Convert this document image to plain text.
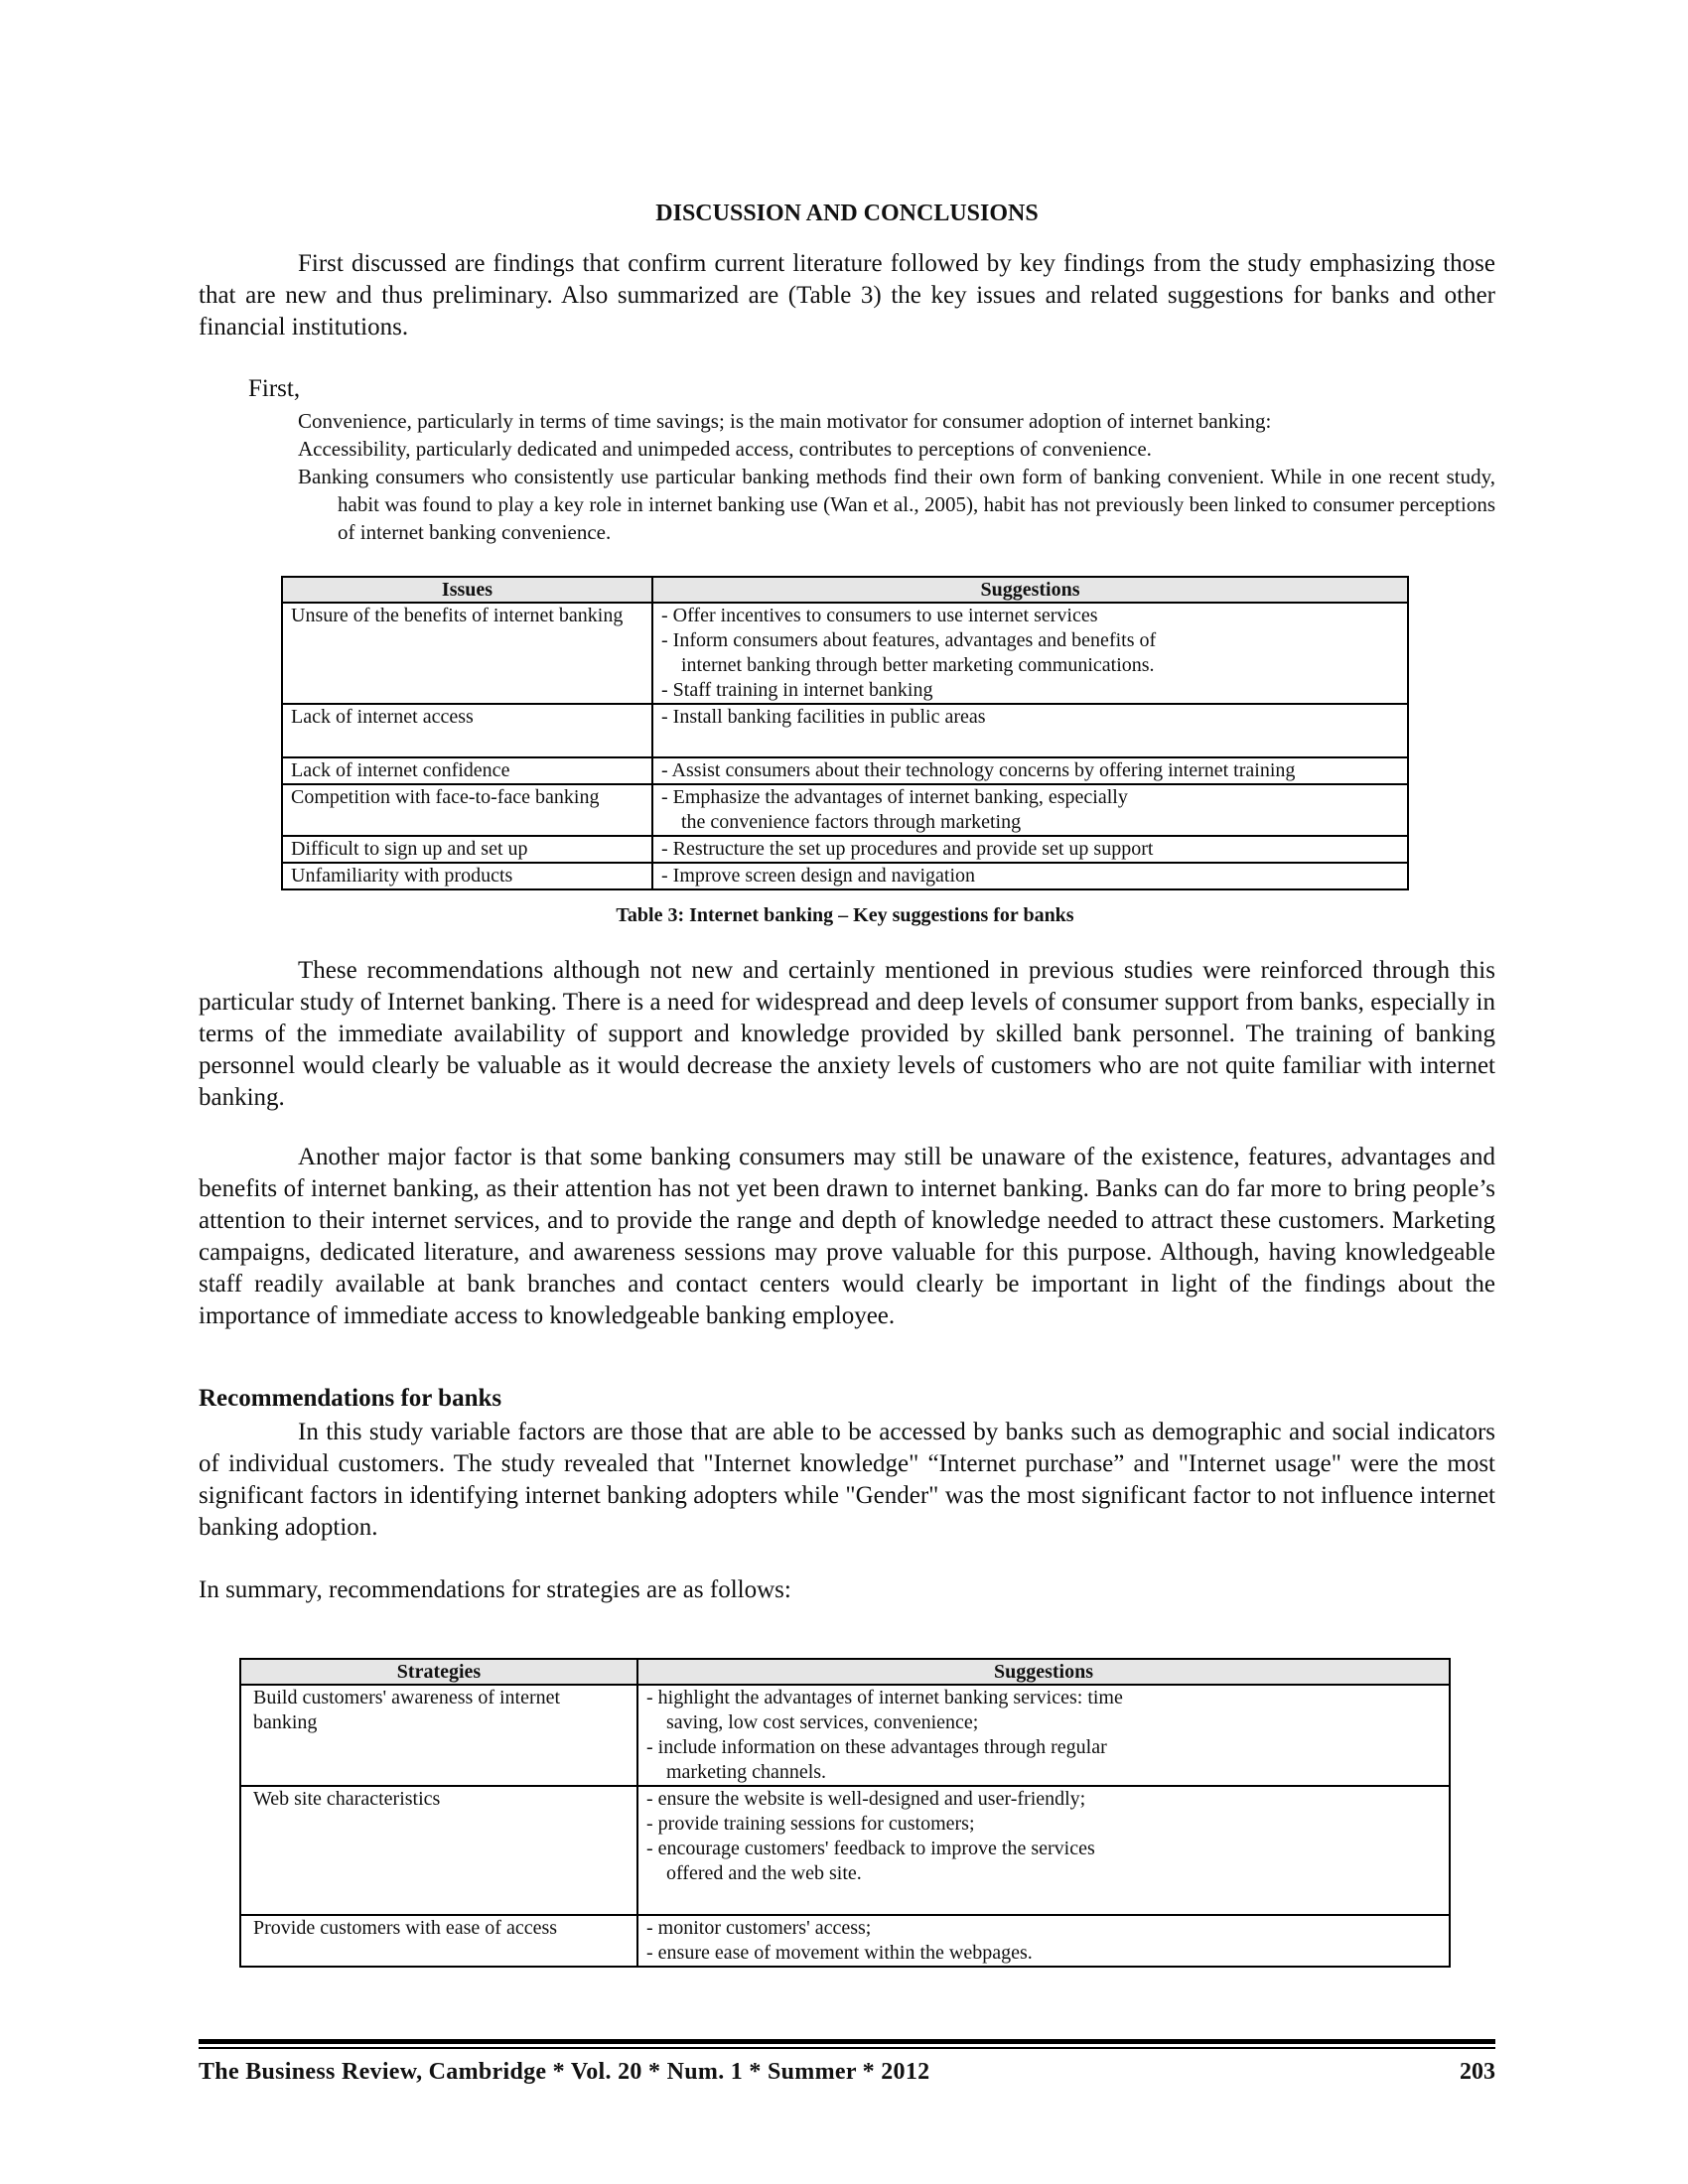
DISCUSSION AND CONCLUSIONS

First discussed are findings that confirm current literature followed by key findings from the study emphasizing those that are new and thus preliminary. Also summarized are (Table 3) the key issues and related suggestions for banks and other financial institutions.

First,

Convenience, particularly in terms of time savings; is the main motivator for consumer adoption of internet banking:

Accessibility, particularly dedicated and unimpeded access, contributes to perceptions of convenience.

Banking consumers who consistently use particular banking methods find their own form of banking convenient. While in one recent study, habit was found to play a key role in internet banking use (Wan et al., 2005), habit has not previously been linked to consumer perceptions of internet banking convenience.

Issues	Suggestions
Unsure of the benefits of internet banking	- Offer incentives to consumers to use internet services
- Inform consumers about features, advantages and benefits of
internet banking through better marketing communications.
- Staff training in internet banking

Lack of internet access	- Install banking facilities in public areas

Lack of internet confidence	- Assist consumers about their technology concerns by offering internet training

Competition with face-to-face banking	- Emphasize the advantages of internet banking, especially
the convenience factors through marketing

Difficult to sign up and set up	- Restructure the set up procedures and provide set up support

Unfamiliarity with products	- Improve screen design and navigation
Table 3: Internet banking – Key suggestions for banks

These recommendations although not new and certainly mentioned in previous studies were reinforced through this particular study of Internet banking. There is a need for widespread and deep levels of consumer support from banks, especially in terms of the immediate availability of support and knowledge provided by skilled bank personnel. The training of banking personnel would clearly be valuable as it would decrease the anxiety levels of customers who are not quite familiar with internet banking.

Another major factor is that some banking consumers may still be unaware of the existence, features, advantages and benefits of internet banking, as their attention has not yet been drawn to internet banking. Banks can do far more to bring people’s attention to their internet services, and to provide the range and depth of knowledge needed to attract these customers. Marketing campaigns, dedicated literature, and awareness sessions may prove valuable for this purpose. Although, having knowledgeable staff readily available at bank branches and contact centers would clearly be important in light of the findings about the importance of immediate access to knowledgeable banking employee.

Recommendations for banks

In this study variable factors are those that are able to be accessed by banks such as demographic and social indicators of individual customers. The study revealed that "Internet knowledge" “Internet purchase” and "Internet usage" were the most significant factors in identifying internet banking adopters while "Gender" was the most significant factor to not influence internet banking adoption.

In summary, recommendations for strategies are as follows:

Strategies	Suggestions
Build customers' awareness of internet banking	- highlight the advantages of internet banking services: time
saving, low cost services, convenience;
- include information on these advantages through regular
marketing channels.

Web site characteristics	- ensure the website is well-designed and user-friendly;
- provide training sessions for customers;
- encourage customers' feedback to improve the services
offered and the web site.

Provide customers with ease of access	- monitor customers' access;
- ensure ease of movement within the webpages.
The Business Review, Cambridge * Vol. 20 * Num. 1 * Summer * 2012	203
